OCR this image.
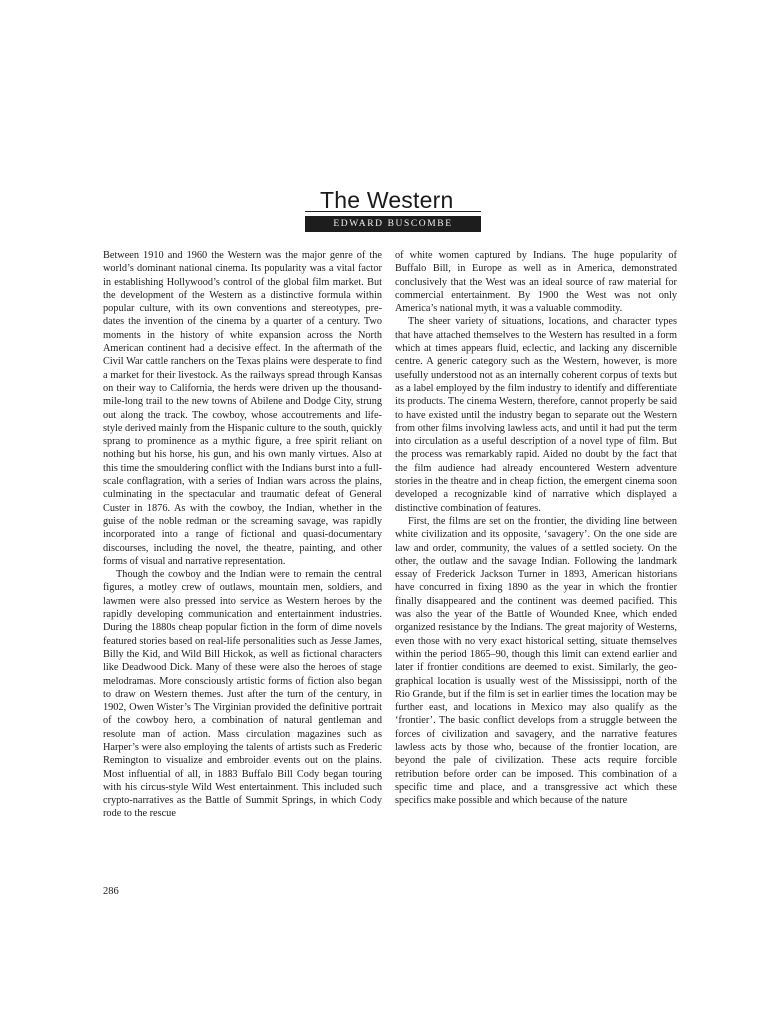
The Western
EDWARD BUSCOMBE

Between 1910 and 1960 the Western was the major genre of the world’s dominant national cinema. Its popularity was a vital factor in establishing Hollywood’s control of the global film market. But the development of the Western as a distinctive formula within popular culture, with its own conventions and stereotypes, pre-dates the invention of the cinema by a quarter of a century. Two moments in the history of white expansion across the North American continent had a decisive effect. In the aftermath of the Civil War cattle ranchers on the Texas plains were desperate to find a market for their livestock. As the railways spread through Kansas on their way to California, the herds were driven up the thousand-mile-long trail to the new towns of Abilene and Dodge City, strung out along the track. The cowboy, whose accoutrements and life-style derived mainly from the Hispanic culture to the south, quickly sprang to prominence as a mythic figure, a free spirit reliant on nothing but his horse, his gun, and his own manly virtues. Also at this time the smouldering conflict with the Indians burst into a full-scale conflagration, with a series of Indian wars across the plains, culminating in the spectacular and traumatic defeat of General Custer in 1876. As with the cowboy, the Indian, whether in the guise of the noble redman or the screaming savage, was rapidly incorporated into a range of fictional and quasi-documentary discourses, including the novel, the theatre, painting, and other forms of visual and narrative representation.

Though the cowboy and the Indian were to remain the central figures, a motley crew of outlaws, mountain men, soldiers, and lawmen were also pressed into service as Western heroes by the rapidly developing communication and entertainment industries. During the 1880s cheap popular fiction in the form of dime novels featured stories based on real-life personalities such as Jesse James, Billy the Kid, and Wild Bill Hickok, as well as fictional characters like Deadwood Dick. Many of these were also the heroes of stage melodramas. More consciously artistic forms of fiction also began to draw on Western themes. Just after the turn of the century, in 1902, Owen Wister’s The Virginian provided the definitive portrait of the cowboy hero, a combination of natural gentleman and resolute man of action. Mass circulation magazines such as Harper’s were also employing the talents of artists such as Frederic Remington to visualize and embroider events out on the plains. Most influential of all, in 1883 Buffalo Bill Cody began touring with his circus-style Wild West entertainment. This included such crypto-narratives as the Battle of Summit Springs, in which Cody rode to the rescue

of white women captured by Indians. The huge popularity of Buffalo Bill, in Europe as well as in America, demonstrated conclusively that the West was an ideal source of raw material for commercial entertainment. By 1900 the West was not only America’s national myth, it was a valuable commodity.

The sheer variety of situations, locations, and character types that have attached themselves to the Western has resulted in a form which at times appears fluid, eclectic, and lacking any discernible centre. A generic category such as the Western, however, is more usefully understood not as an internally coherent corpus of texts but as a label employed by the film industry to identify and differentiate its products. The cinema Western, therefore, cannot properly be said to have existed until the industry began to separate out the Western from other films involving lawless acts, and until it had put the term into circulation as a useful description of a novel type of film. But the process was remarkably rapid. Aided no doubt by the fact that the film audience had already encountered Western adventure stories in the theatre and in cheap fiction, the emergent cinema soon developed a recognizable kind of narrative which displayed a distinctive combination of features.

First, the films are set on the frontier, the dividing line between white civilization and its opposite, ‘savagery’. On the one side are law and order, community, the values of a settled society. On the other, the outlaw and the savage Indian. Following the landmark essay of Frederick Jackson Turner in 1893, American historians have concurred in fixing 1890 as the year in which the frontier finally disappeared and the continent was deemed pacified. This was also the year of the Battle of Wounded Knee, which ended organized resistance by the Indians. The great majority of Westerns, even those with no very exact historical setting, situate themselves within the period 1865–90, though this limit can extend earlier and later if frontier conditions are deemed to exist. Similarly, the geographical location is usually west of the Mississippi, north of the Rio Grande, but if the film is set in earlier times the location may be further east, and locations in Mexico may also qualify as the ‘frontier’. The basic conflict develops from a struggle between the forces of civilization and savagery, and the narrative features lawless acts by those who, because of the frontier location, are beyond the pale of civilization. These acts require forcible retribution before order can be imposed. This combination of a specific time and place, and a transgressive act which these specifics make possible and which because of the nature

286
